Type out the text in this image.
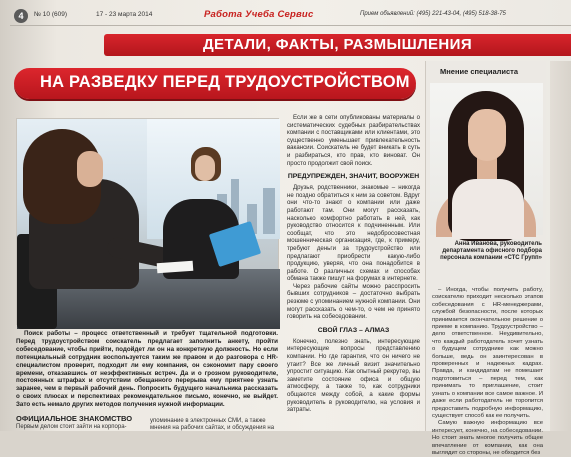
4	№ 10 (609)	17 - 23 марта 2014	Работа Учеба Сервис	Прием объявлений: (495) 221-43-04, (495) 518-38-75
ДЕТАЛИ, ФАКТЫ, РАЗМЫШЛЕНИЯ
НА РАЗВЕДКУ ПЕРЕД ТРУДОУСТРОЙСТВОМ

Поиск работы – процесс ответственный и требует тщательной подготовки. Перед трудоустройством соискатель предлагает заполнить анкету, пройти собеседование, чтобы прийти, подойдет ли он на конкретную должность. Но если потенциальный сотрудник воспользуется таким же правом и до разговора с HR-специалистом проверит, подходит ли ему компания, он сэкономит пару своего времени, отказавшись от неэффективных встреч. Да и о грозном руководителе, постоянных штрафах и отсутствии обещанного перерыва ему приятнее узнать заранее, чем в первый рабочий день. Попросить будущего начальника рассказать о своих плюсах и перспективах рекомендательное письмо, конечно, не выйдет. Зато есть немало других методов получения нужной информации.

ОФИЦИАЛЬНОЕ ЗНАКОМСТВО
Первым делом стоит зайти на корпора-
упоминание в электронных СМИ, а также мнения на рабочих сайтах, и обсуждения на

Если же в сети опубликованы материалы о систематических судебных разбирательствах компании с поставщиками или клиентами, это существенно уменьшает привлекательность вакансии. Соискатель не будет вникать в суть и разбираться, кто прав, кто виноват. Он просто продолжит свой поиск.

ПРЕДУПРЕЖДЕН, ЗНАЧИТ, ВООРУЖЕН

Друзья, родственники, знакомые – никогда не поздно обратиться к ним за советом. Вдруг они что-то знают о компании или даже работают там. Они могут рассказать, насколько комфортно работать в ней, как руководство относится к подчиненным. Или сообщат, что это недобросовестная мошенническая организация, где, к примеру, требуют деньги за трудоустройство или предлагают приобрести какую-либо продукцию, уверяя, что она понадобится в работе. О различных схемах и способах обмана также пишут на форумах в интернете.

Через рабочие сайты можно расспросить бывших сотрудников – достаточно выбрать резюме с упоминанием нужной компании. Они могут рассказать о чем-то, о чем не принято говорить на собеседовании.

СВОЙ ГЛАЗ – АЛМАЗ

Конечно, полезно знать, интересующие интересующие вопросы представлению компании. Но где гарантия, что он ничего не утаит? Все же личный визит значительно упростит ситуацию. Как опытный рекрутер, вы заметите состояние офиса и общую атмосферу, а также то, как сотрудники общаются между собой, а какие формы руководитель в руководителю, на условия и затраты.

Мнение специалиста
Анна Иванова, руководитель департамента офисного подбора персонала компании «СТС Групп»

– Иногда, чтобы получить работу, соискателю приходит несколько этапов собеседования с HR-менеджерами, службой безопасности, после которых принимается окончательное решение о приеме в компанию. Трудоустройство – дело ответственное. Неудивительно, что каждый работодатель хочет узнать о будущем сотруднике как можно больше, ведь он заинтересован в проверенных и надежных кадрах. Правда, и кандидатам не помешает подготовиться – перед тем, как принимать то приглашение, стоит узнать о компании все самое важное. И даже если работодатель не торопится предоставить подробную информацию, существует способ как ее получить.

Самую важную информацию все интересует, конечно, на собеседовании. Но стоит знать многое получить общее впечатление от компании, как она выглядит со стороны, не обходится без
